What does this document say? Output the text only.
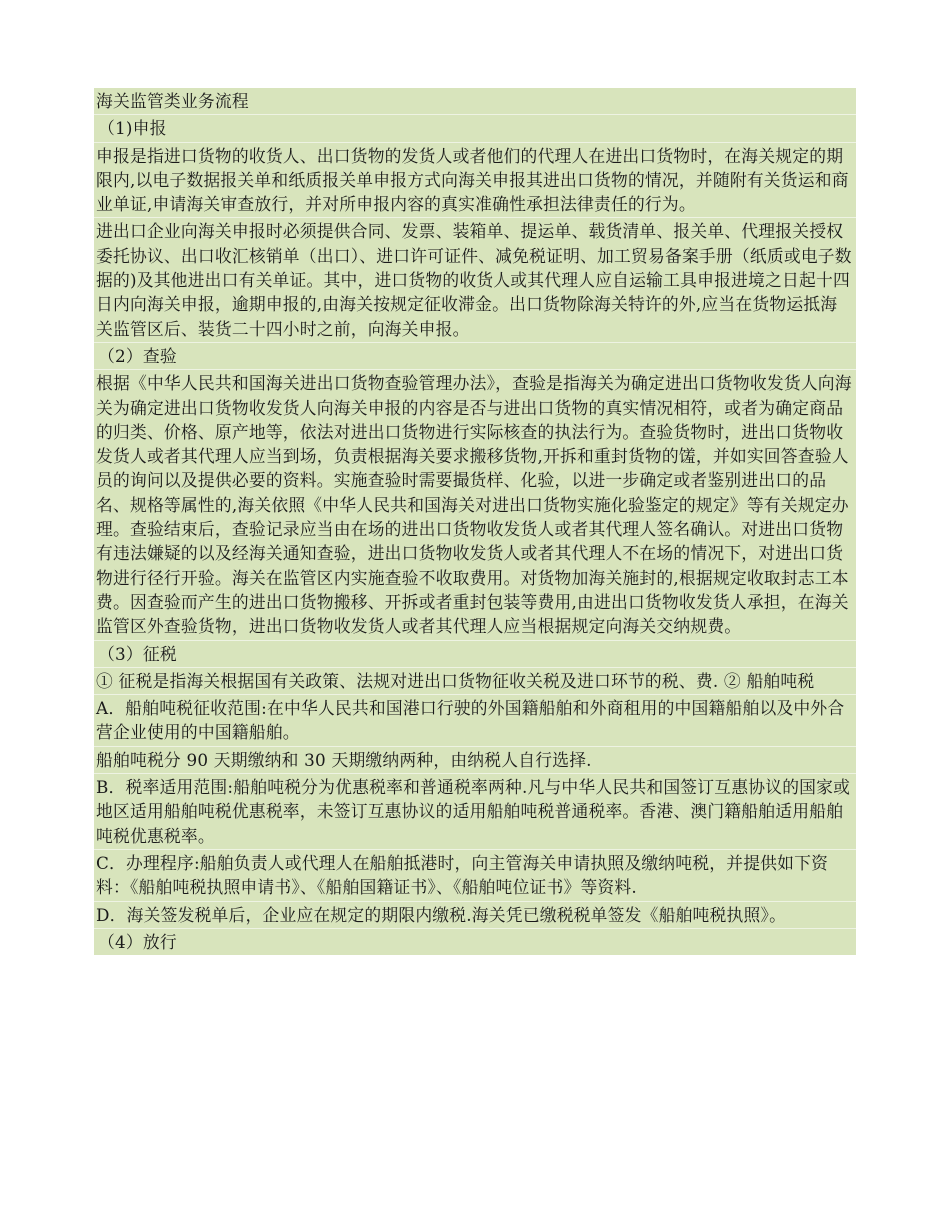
海关监管类业务流程
（1)申报
申报是指进口货物的收货人、出口货物的发货人或者他们的代理人在进出口货物时，在海关规定的期限内,以电子数据报关单和纸质报关单申报方式向海关申报其进出口货物的情况，并随附有关货运和商业单证,申请海关审查放行，并对所申报内容的真实准确性承担法律责任的行为。
进出口企业向海关申报时必须提供合同、发票、装箱单、提运单、载货清单、报关单、代理报关授权委托协议、出口收汇核销单（出口）、进口许可证件、减免税证明、加工贸易备案手册（纸质或电子数据的)及其他进出口有关单证。其中，进口货物的收货人或其代理人应自运输工具申报进境之日起十四日内向海关申报，逾期申报的,由海关按规定征收滞金。出口货物除海关特许的外,应当在货物运抵海关监管区后、装货二十四小时之前，向海关申报。
（2）查验
根据《中华人民共和国海关进出口货物查验管理办法》，查验是指海关为确定进出口货物收发货人向海关为确定进出口货物收发货人向海关申报的内容是否与进出口货物的真实情况相符，或者为确定商品的归类、价格、原产地等，依法对进出口货物进行实际核查的执法行为。查验货物时，进出口货物收发货人或者其代理人应当到场，负责根据海关要求搬移货物,开拆和重封货物的馐，并如实回答查验人员的询问以及提供必要的资料。实施查验时需要撮货样、化验，以进一步确定或者鉴别进出口的品名、规格等属性的,海关依照《中华人民共和国海关对进出口货物实施化验鉴定的规定》等有关规定办理。查验结束后，查验记录应当由在场的进出口货物收发货人或者其代理人签名确认。对进出口货物有违法嫌疑的以及经海关通知查验，进出口货物收发货人或者其代理人不在场的情况下，对进出口货物进行径行开验。海关在监管区内实施查验不收取费用。对货物加海关施封的,根据规定收取封志工本费。因查验而产生的进出口货物搬移、开拆或者重封包装等费用,由进出口货物收发货人承担，在海关监管区外查验货物，进出口货物收发货人或者其代理人应当根据规定向海关交纳规费。
（3）征税
① 征税是指海关根据国有关政策、法规对进出口货物征收关税及进口环节的税、费. ② 船舶吨税
A．船舶吨税征收范围:在中华人民共和国港口行驶的外国籍船舶和外商租用的中国籍船舶以及中外合营企业使用的中国籍船舶。
船舶吨税分 90 天期缴纳和 30 天期缴纳两种，由纳税人自行选择.
B．税率适用范围:船舶吨税分为优惠税率和普通税率两种.凡与中华人民共和国签订互惠协议的国家或地区适用船舶吨税优惠税率，未签订互惠协议的适用船舶吨税普通税率。香港、澳门籍船舶适用船舶吨税优惠税率。
C．办理程序:船舶负责人或代理人在船舶抵港时，向主管海关申请执照及缴纳吨税，并提供如下资料：《船舶吨税执照申请书》、《船舶国籍证书》、《船舶吨位证书》等资料.
D．海关签发税单后，企业应在规定的期限内缴税.海关凭已缴税税单签发《船舶吨税执照》。
（4）放行
